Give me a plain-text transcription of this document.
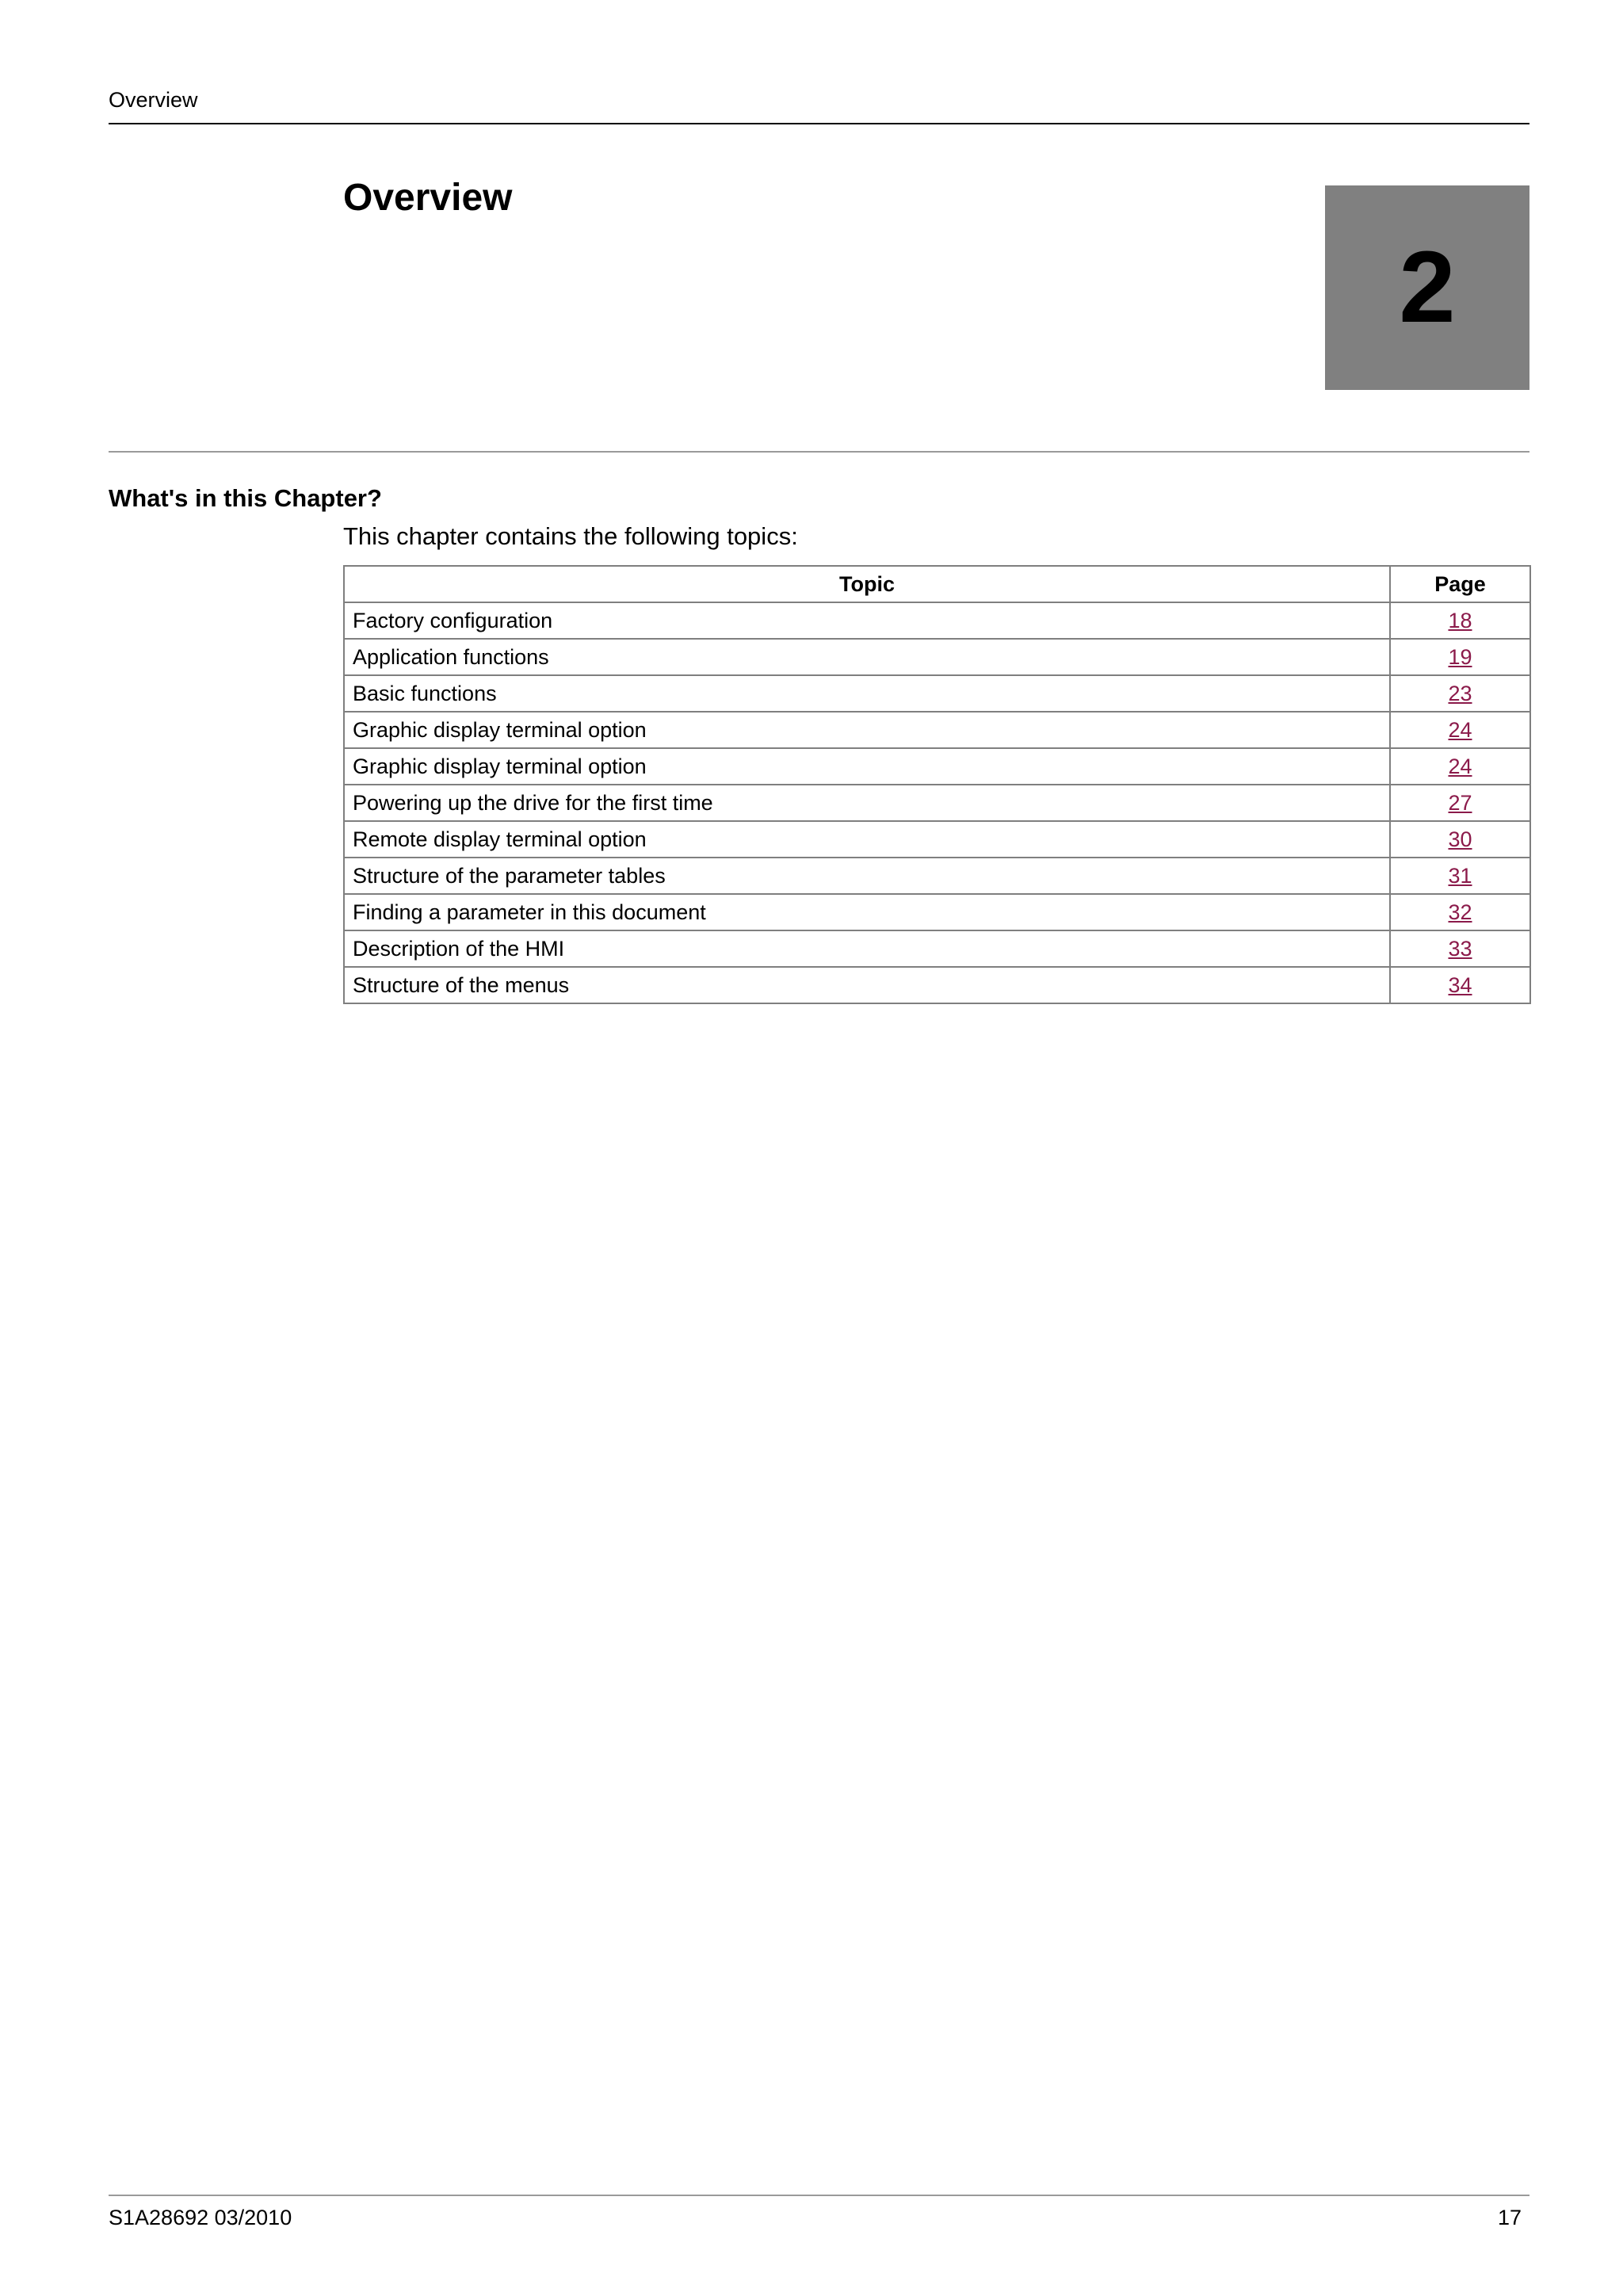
Overview
Overview
2
What's in this Chapter?

This chapter contains the following topics:

Topic	Page
Factory configuration	18
Application functions	19
Basic functions	23
Graphic display terminal option	24
Graphic display terminal option	24
Powering up the drive for the first time	27
Remote display terminal option	30
Structure of the parameter tables	31
Finding a parameter in this document	32
Description of the HMI	33
Structure of the menus	34
S1A28692 03/2010	17
